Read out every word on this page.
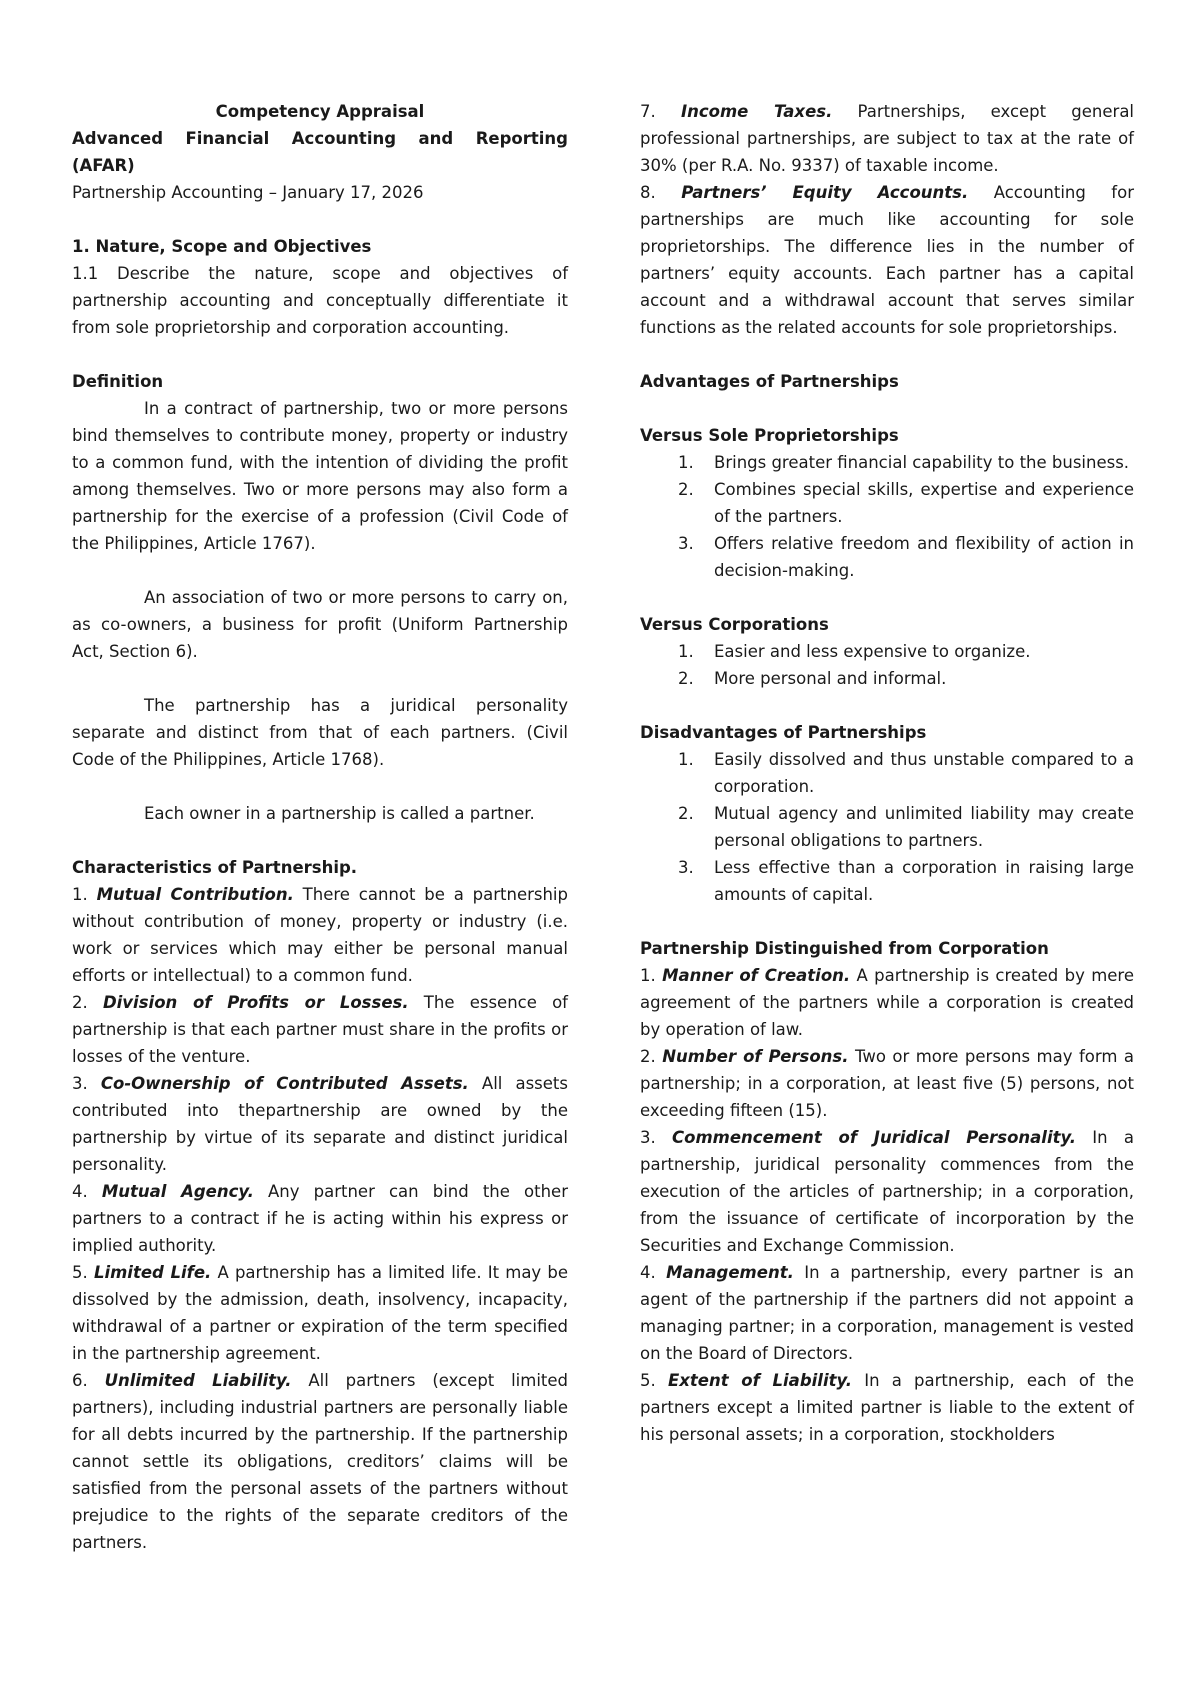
Competency Appraisal

Advanced Financial Accounting and Reporting (AFAR)

Partnership Accounting – January 17, 2026

1. Nature, Scope and Objectives

1.1 Describe the nature, scope and objectives of partnership accounting and conceptually differentiate it from sole proprietorship and corporation accounting.

Definition

In a contract of partnership, two or more persons bind themselves to contribute money, property or industry to a common fund, with the intention of dividing the profit among themselves. Two or more persons may also form a partnership for the exercise of a profession (Civil Code of the Philippines, Article 1767).

An association of two or more persons to carry on, as co-owners, a business for profit (Uniform Partnership Act, Section 6).

The partnership has a juridical personality separate and distinct from that of each partners. (Civil Code of the Philippines, Article 1768).

Each owner in a partnership is called a partner.

Characteristics of Partnership.

1. Mutual Contribution. There cannot be a partnership without contribution of money, property or industry (i.e. work or services which may either be personal manual efforts or intellectual) to a common fund.

2. Division of Profits or Losses. The essence of partnership is that each partner must share in the profits or losses of the venture.

3. Co-Ownership of Contributed Assets. All assets contributed into thepartnership are owned by the partnership by virtue of its separate and distinct juridical personality.

4. Mutual Agency. Any partner can bind the other partners to a contract if he is acting within his express or implied authority.

5. Limited Life. A partnership has a limited life. It may be dissolved by the admission, death, insolvency, incapacity, withdrawal of a partner or expiration of the term specified in the partnership agreement.

6. Unlimited Liability. All partners (except limited partners), including industrial partners are personally liable for all debts incurred by the partnership. If the partnership cannot settle its obligations, creditors’ claims will be satisfied from the personal assets of the partners without prejudice to the rights of the separate creditors of the partners.

7. Income Taxes. Partnerships, except general professional partnerships, are subject to tax at the rate of 30% (per R.A. No. 9337) of taxable income.

8. Partners’ Equity Accounts. Accounting for partnerships are much like accounting for sole proprietorships. The difference lies in the number of partners’ equity accounts. Each partner has a capital account and a withdrawal account that serves similar functions as the related accounts for sole proprietorships.

Advantages of Partnerships

Versus Sole Proprietorships

1. Brings greater financial capability to the business.
2. Combines special skills, expertise and experience of the partners.
3. Offers relative freedom and flexibility of action in decision-making.

Versus Corporations

1. Easier and less expensive to organize.
2. More personal and informal.

Disadvantages of Partnerships

1. Easily dissolved and thus unstable compared to a corporation.
2. Mutual agency and unlimited liability may create personal obligations to partners.
3. Less effective than a corporation in raising large amounts of capital.

Partnership Distinguished from Corporation

1. Manner of Creation. A partnership is created by mere agreement of the partners while a corporation is created by operation of law.

2. Number of Persons. Two or more persons may form a partnership; in a corporation, at least five (5) persons, not exceeding fifteen (15).

3. Commencement of Juridical Personality. In a partnership, juridical personality commences from the execution of the articles of partnership; in a corporation, from the issuance of certificate of incorporation by the Securities and Exchange Commission.

4. Management. In a partnership, every partner is an agent of the partnership if the partners did not appoint a managing partner; in a corporation, management is vested on the Board of Directors.

5. Extent of Liability. In a partnership, each of the partners except a limited partner is liable to the extent of his personal assets; in a corporation, stockholders
